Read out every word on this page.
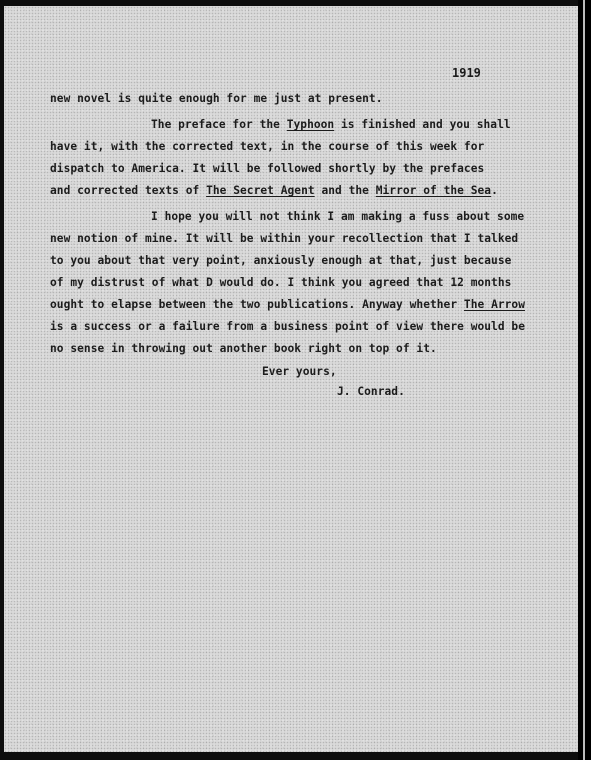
1919
new novel is quite enough for me just at present.
The preface for the Typhoon is finished and you shall
have it, with the corrected text, in the course of this week for
dispatch to America. It will be followed shortly by the prefaces
and corrected texts of The Secret Agent and the Mirror of the Sea.
I hope you will not think I am making a fuss about some
new notion of mine. It will be within your recollection that I talked
to you about that very point, anxiously enough at that, just because
of my distrust of what D would do. I think you agreed that 12 months
ought to elapse between the two publications. Anyway whether The Arrow
is a success or a failure from a business point of view there would be
no sense in throwing out another book right on top of it.
Ever yours,
J. Conrad.
